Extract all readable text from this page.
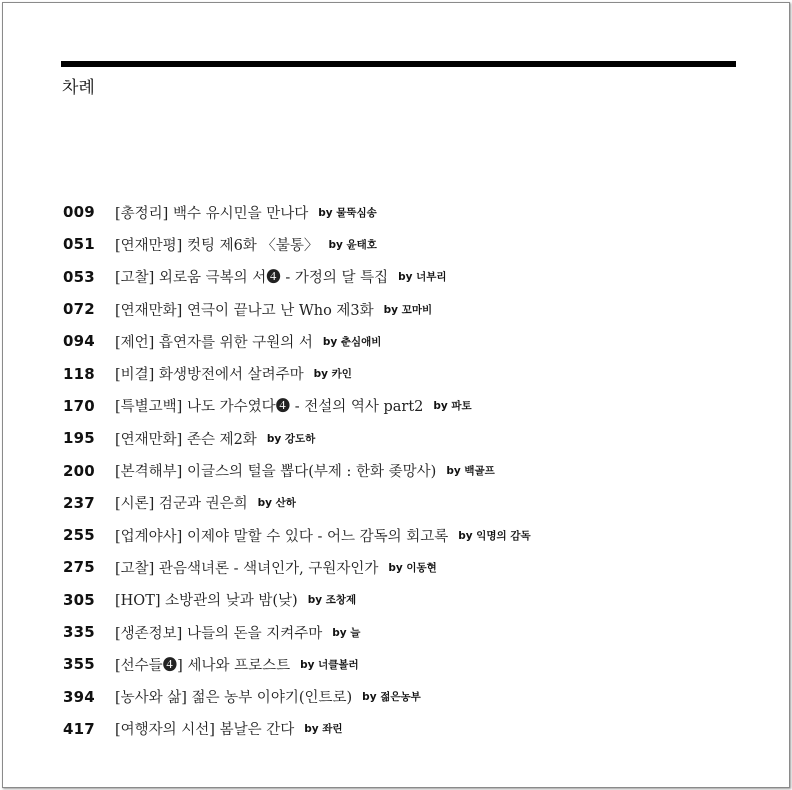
차례
009	[총정리] 백수 유시민을 만나다 by 물뚝심송
051	[연재만평] 컷팅 제6화 〈불통〉 by 윤태호
053	[고찰] 외로움 극복의 서❹ - 가정의 달 특집 by 너부리
072	[연재만화] 연극이 끝나고 난 Who 제3화 by 꼬마비
094	[제언] 흡연자를 위한 구원의 서 by 춘심애비
118	[비결] 화생방전에서 살려주마 by 카인
170	[특별고백] 나도 가수였다❹ - 전설의 역사 part2 by 파토
195	[연재만화] 존슨 제2화 by 강도하
200	[본격해부] 이글스의 털을 뽑다(부제 : 한화 좆망사) by 백골프
237	[시론] 검군과 권은희 by 산하
255	[업계야사] 이제야 말할 수 있다 - 어느 감독의 회고록 by 익명의 감독
275	[고찰] 관음색녀론 - 색녀인가, 구원자인가 by 이동현
305	[HOT] 소방관의 낮과 밤(낮) by 조창제
335	[생존정보] 나들의 돈을 지켜주마 by 늘
355	[선수들❹] 세나와 프로스트 by 너클볼러
394	[농사와 삶] 젊은 농부 이야기(인트로) by 젊은농부
417	[여행자의 시선] 봄날은 간다 by 좌린
